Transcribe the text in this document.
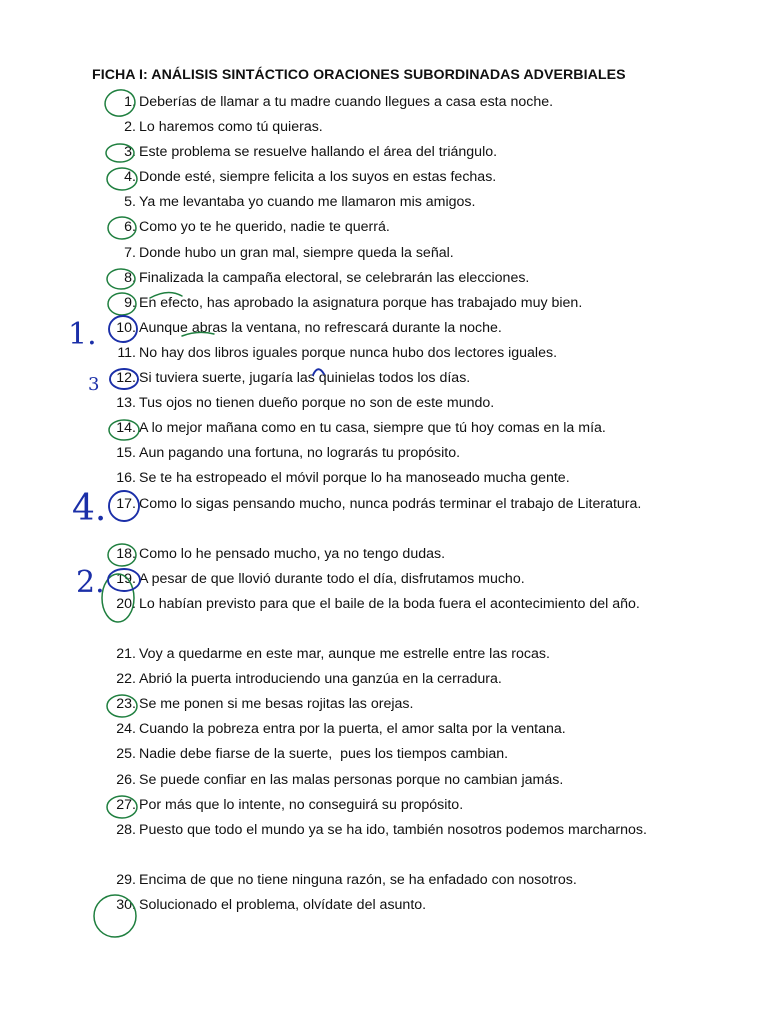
FICHA I: ANÁLISIS SINTÁCTICO ORACIONES SUBORDINADAS ADVERBIALES
1. Deberías de llamar a tu madre cuando llegues a casa esta noche.
2. Lo haremos como tú quieras.
3. Este problema se resuelve hallando el área del triángulo.
4. Donde esté, siempre felicita a los suyos en estas fechas.
5. Ya me levantaba yo cuando me llamaron mis amigos.
6. Como yo te he querido, nadie te querrá.
7. Donde hubo un gran mal, siempre queda la señal.
8. Finalizada la campaña electoral, se celebrarán las elecciones.
9. En efecto, has aprobado la asignatura porque has trabajado muy bien.
10. Aunque abras la ventana, no refrescará durante la noche.
11. No hay dos libros iguales porque nunca hubo dos lectores iguales.
12. Si tuviera suerte, jugaría las quinielas todos los días.
13. Tus ojos no tienen dueño porque no son de este mundo.
14. A lo mejor mañana como en tu casa, siempre que tú hoy comas en la mía.
15. Aun pagando una fortuna, no lograrás tu propósito.
16. Se te ha estropeado el móvil porque lo ha manoseado mucha gente.
17. Como lo sigas pensando mucho, nunca podrás terminar el trabajo de Literatura.
18. Como lo he pensado mucho, ya no tengo dudas.
19. A pesar de que llovió durante todo el día, disfrutamos mucho.
20. Lo habían previsto para que el baile de la boda fuera el acontecimiento del año.
21. Voy a quedarme en este mar, aunque me estrelle entre las rocas.
22. Abrió la puerta introduciendo una ganzúa en la cerradura.
23. Se me ponen si me besas rojitas las orejas.
24. Cuando la pobreza entra por la puerta, el amor salta por la ventana.
25. Nadie debe fiarse de la suerte,  pues los tiempos cambian.
26. Se puede confiar en las malas personas porque no cambian jamás.
27. Por más que lo intente, no conseguirá su propósito.
28. Puesto que todo el mundo ya se ha ido, también nosotros podemos marcharnos.
29. Encima de que no tiene ninguna razón, se ha enfadado con nosotros.
30. Solucionado el problema, olvídate del asunto.
1.
3
4.
2.
